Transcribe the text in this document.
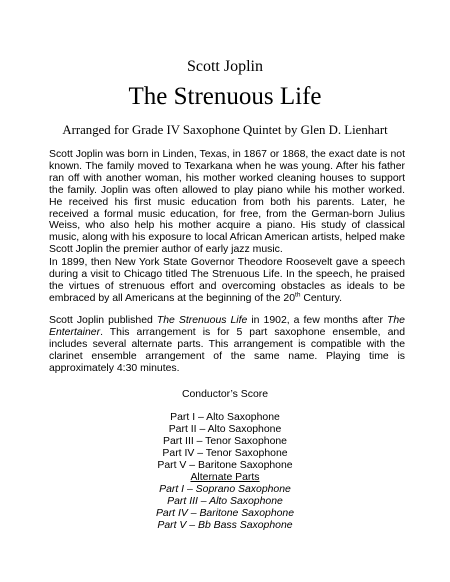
Scott Joplin
The Strenuous Life
Arranged for Grade IV Saxophone Quintet by Glen D. Lienhart

Scott Joplin was born in Linden, Texas, in 1867 or 1868, the exact date is not known. The family moved to Texarkana when he was young. After his father ran off with another woman, his mother worked cleaning houses to support the family. Joplin was often allowed to play piano while his mother worked. He received his first music education from both his parents. Later, he received a formal music education, for free, from the German-born Julius Weiss, who also help his mother acquire a piano. His study of classical music, along with his exposure to local African American artists, helped make Scott Joplin the premier author of early jazz music.

In 1899, then New York State Governor Theodore Roosevelt gave a speech during a visit to Chicago titled The Strenuous Life. In the speech, he praised the virtues of strenuous effort and overcoming obstacles as ideals to be embraced by all Americans at the beginning of the 20th Century.

Scott Joplin published The Strenuous Life in 1902, a few months after The Entertainer. This arrangement is for 5 part saxophone ensemble, and includes several alternate parts. This arrangement is compatible with the clarinet ensemble arrangement of the same name. Playing time is approximately 4:30 minutes.

Conductor’s Score
Part I – Alto Saxophone
Part II – Alto Saxophone
Part III – Tenor Saxophone
Part IV – Tenor Saxophone
Part V – Baritone Saxophone
Alternate Parts
Part I – Soprano Saxophone
Part III – Alto Saxophone
Part IV – Baritone Saxophone
Part V – Bb Bass Saxophone
